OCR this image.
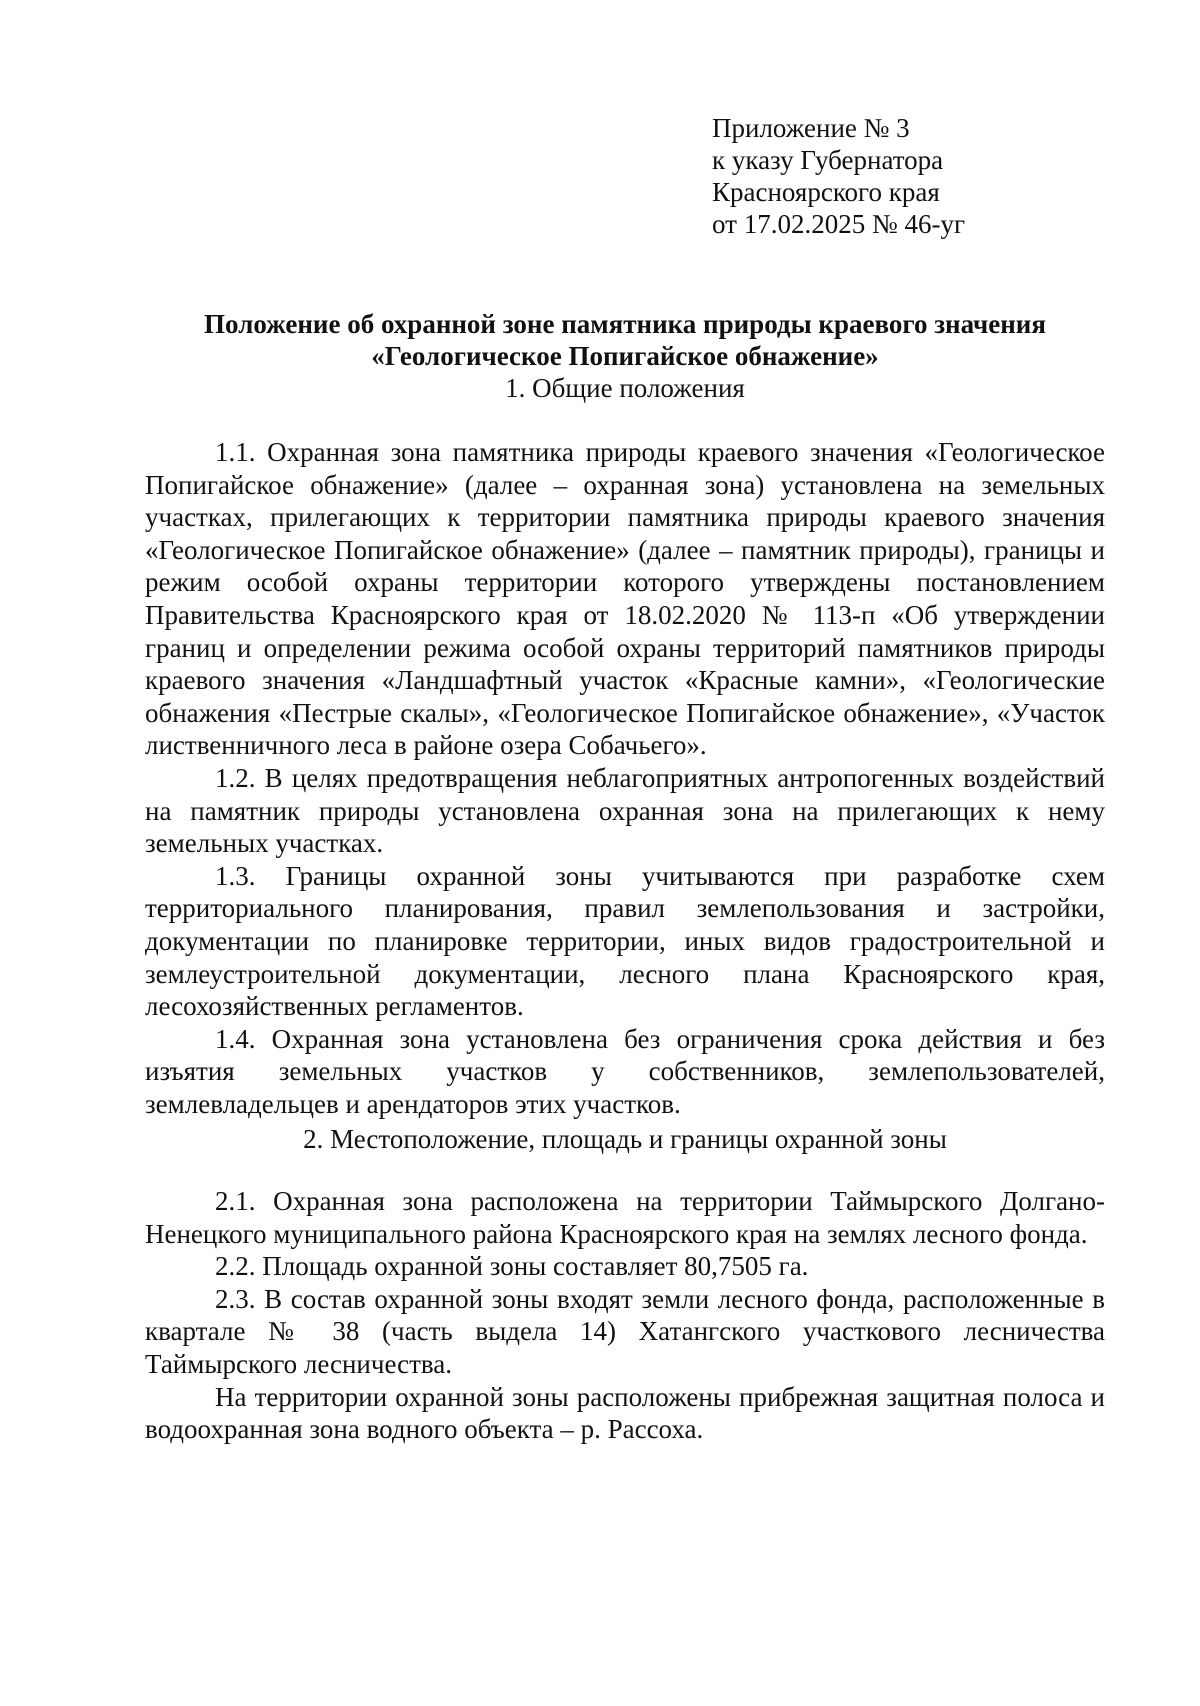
Приложение № 3
к указу Губернатора
Красноярского края
от 17.02.2025 № 46-уг
Положение об охранной зоне памятника природы краевого значения
«Геологическое Попигайское обнажение»
1. Общие положения

1.1. Охранная зона памятника природы краевого значения «Геологическое Попигайское обнажение» (далее – охранная зона) установлена на земельных участках, прилегающих к территории памятника природы краевого значения «Геологическое Попигайское обнажение» (далее – памятник природы), границы и режим особой охраны территории которого утверждены постановлением Правительства Красноярского края от 18.02.2020 № 113-п «Об утверждении границ и определении режима особой охраны территорий памятников природы краевого значения «Ландшафтный участок «Красные камни», «Геологические обнажения «Пестрые скалы», «Геологическое Попигайское обнажение», «Участок лиственничного леса в районе озера Собачьего».

1.2. В целях предотвращения неблагоприятных антропогенных воздействий на памятник природы установлена охранная зона на прилегающих к нему земельных участках.

1.3. Границы охранной зоны учитываются при разработке схем территориального планирования, правил землепользования и застройки, документации по планировке территории, иных видов градостроительной и землеустроительной документации, лесного плана Красноярского края, лесохозяйственных регламентов.

1.4. Охранная зона установлена без ограничения срока действия и без изъятия земельных участков у собственников, землепользователей, землевладельцев и арендаторов этих участков.

2. Местоположение, площадь и границы охранной зоны

2.1. Охранная зона расположена на территории Таймырского Долгано-Ненецкого муниципального района Красноярского края на землях лесного фонда.

2.2. Площадь охранной зоны составляет 80,7505 га.

2.3. В состав охранной зоны входят земли лесного фонда, расположенные в квартале № 38 (часть выдела 14) Хатангского участкового лесничества Таймырского лесничества.

На территории охранной зоны расположены прибрежная защитная полоса и водоохранная зона водного объекта – р. Рассоха.
